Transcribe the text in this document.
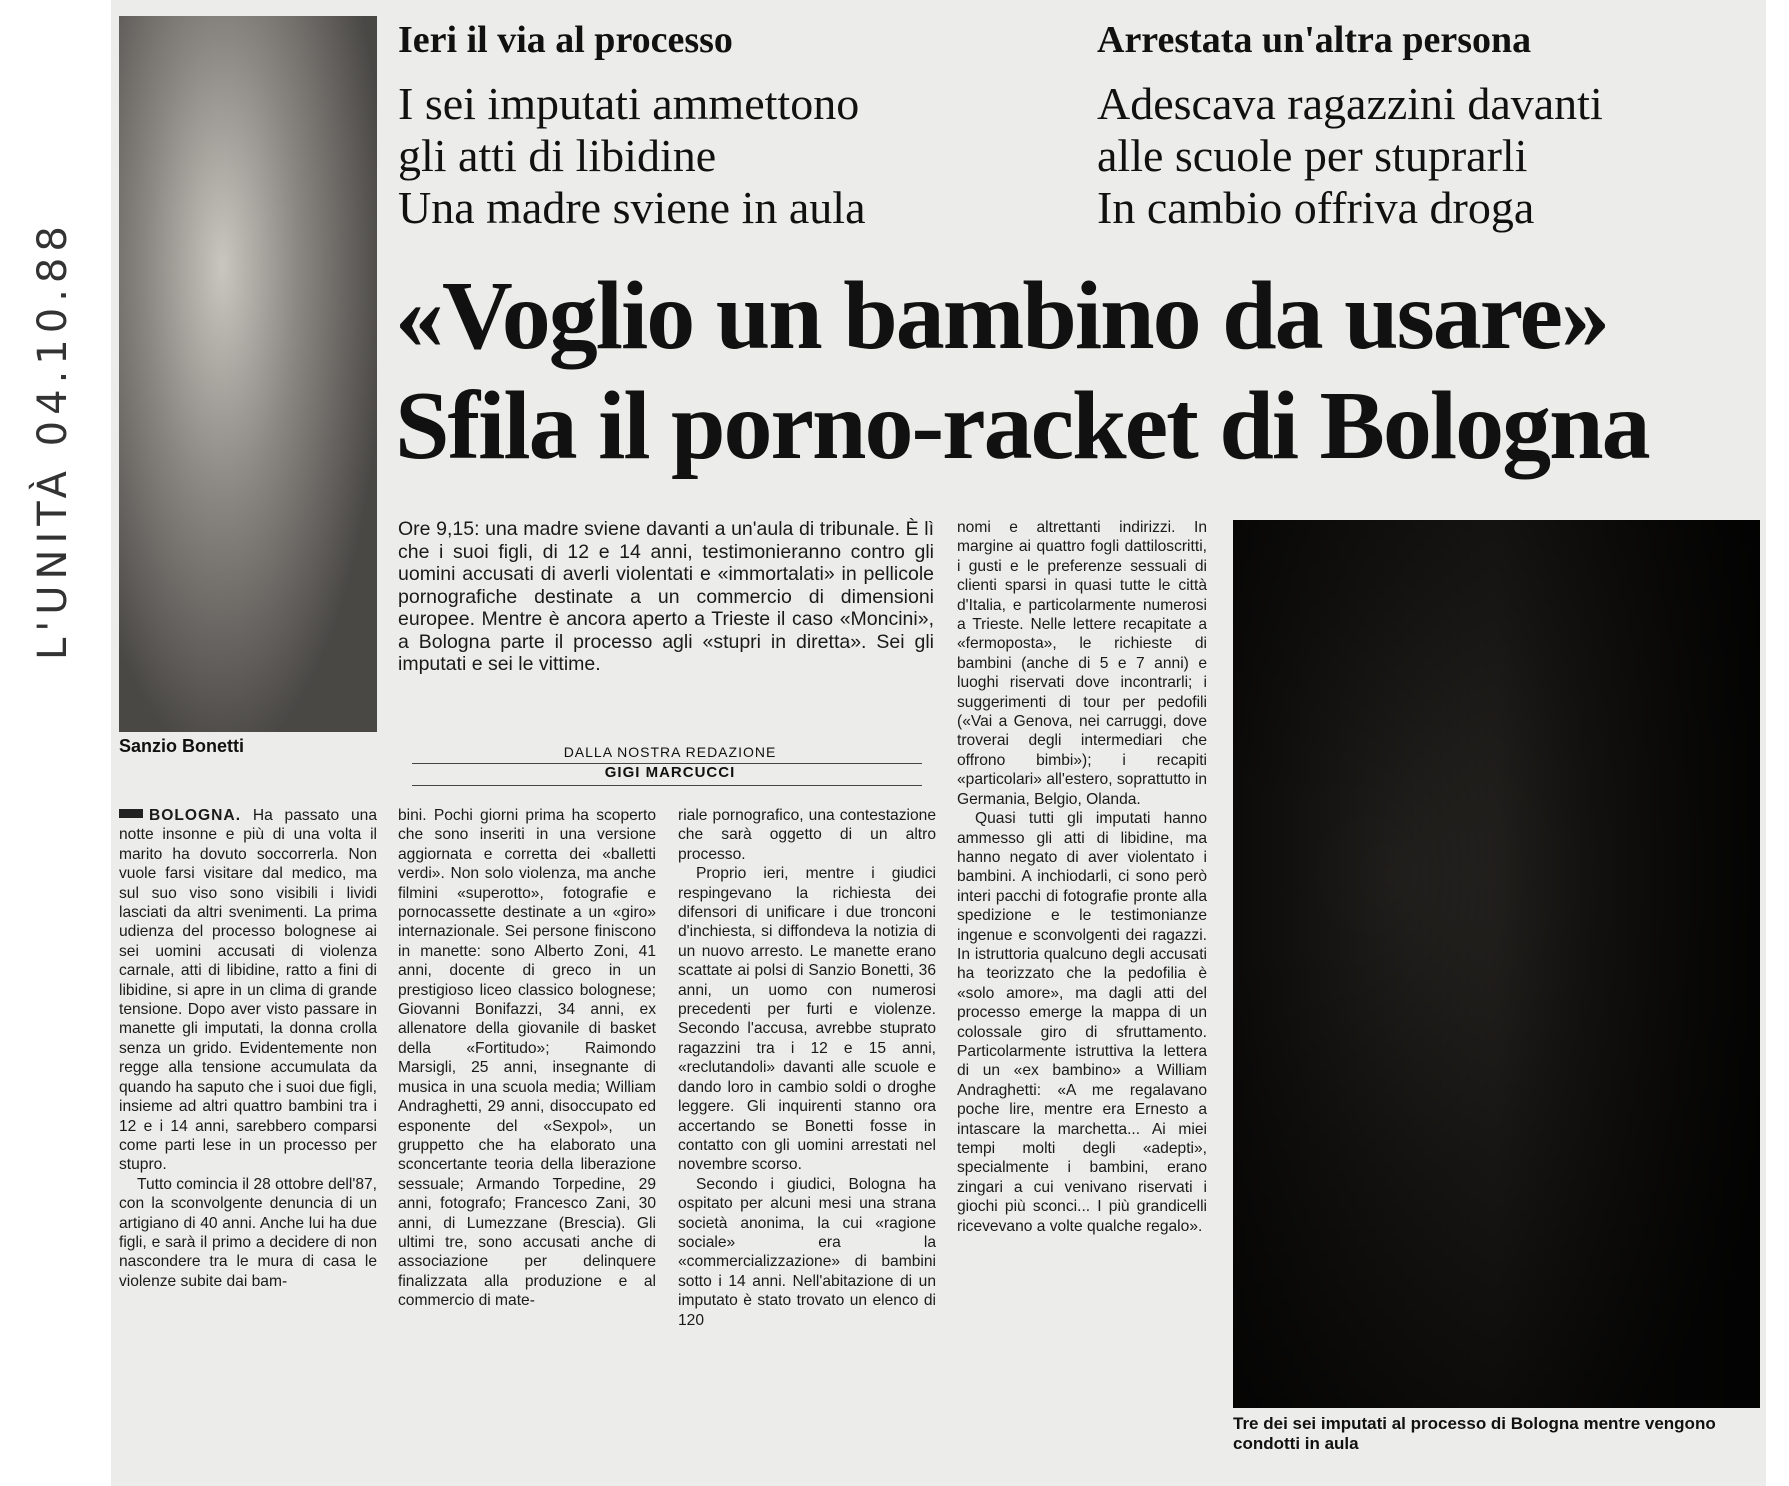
L'UNITÀ 04.10.88
Sanzio Bonetti
Ieri il via al processo
I sei imputati ammettono
gli atti di libidine
Una madre sviene in aula
Arrestata un'altra persona
Adescava ragazzini davanti
alle scuole per stuprarli
In cambio offriva droga
«Voglio un bambino da usare»
Sfila il porno-racket di Bologna
Ore 9,15: una madre sviene davanti a un'aula di tribunale. È lì che i suoi figli, di 12 e 14 anni, testimonieranno contro gli uomini accusati di averli violentati e «immortalati» in pellicole pornografiche destinate a un commercio di dimensioni europee. Mentre è ancora aperto a Trieste il caso «Moncini», a Bologna parte il processo agli «stupri in diretta». Sei gli imputati e sei le vittime.
DALLA NOSTRA REDAZIONE
GIGI MARCUCCI

BOLOGNA. Ha passato una notte insonne e più di una volta il marito ha dovuto soccorrerla. Non vuole farsi visitare dal medico, ma sul suo viso sono visibili i lividi lasciati da altri svenimenti. La prima udienza del processo bolognese ai sei uomini accusati di violenza carnale, atti di libidine, ratto a fini di libidine, si apre in un clima di grande tensione. Dopo aver visto passare in manette gli imputati, la donna crolla senza un grido. Evidentemente non regge alla tensione accumulata da quando ha saputo che i suoi due figli, insieme ad altri quattro bambini tra i 12 e i 14 anni, sarebbero comparsi come parti lese in un processo per stupro.

Tutto comincia il 28 ottobre dell'87, con la sconvolgente denuncia di un artigiano di 40 anni. Anche lui ha due figli, e sarà il primo a decidere di non nascondere tra le mura di casa le violenze subite dai bam-

bini. Pochi giorni prima ha scoperto che sono inseriti in una versione aggiornata e corretta dei «balletti verdi». Non solo violenza, ma anche filmini «superotto», fotografie e pornocassette destinate a un «giro» internazionale. Sei persone finiscono in manette: sono Alberto Zoni, 41 anni, docente di greco in un prestigioso liceo classico bolognese; Giovanni Bonifazzi, 34 anni, ex allenatore della giovanile di basket della «Fortitudo»; Raimondo Marsigli, 25 anni, insegnante di musica in una scuola media; William Andraghetti, 29 anni, disoccupato ed esponente del «Sexpol», un gruppetto che ha elaborato una sconcertante teoria della liberazione sessuale; Armando Torpedine, 29 anni, fotografo; Francesco Zani, 30 anni, di Lumezzane (Brescia). Gli ultimi tre, sono accusati anche di associazione per delinquere finalizzata alla produzione e al commercio di mate-

riale pornografico, una contestazione che sarà oggetto di un altro processo.

Proprio ieri, mentre i giudici respingevano la richiesta dei difensori di unificare i due tronconi d'inchiesta, si diffondeva la notizia di un nuovo arresto. Le manette erano scattate ai polsi di Sanzio Bonetti, 36 anni, un uomo con numerosi precedenti per furti e violenze. Secondo l'accusa, avrebbe stuprato ragazzini tra i 12 e 15 anni, «reclutandoli» davanti alle scuole e dando loro in cambio soldi o droghe leggere. Gli inquirenti stanno ora accertando se Bonetti fosse in contatto con gli uomini arrestati nel novembre scorso.

Secondo i giudici, Bologna ha ospitato per alcuni mesi una strana società anonima, la cui «ragione sociale» era la «commercializzazione» di bambini sotto i 14 anni. Nell'abitazione di un imputato è stato trovato un elenco di 120

nomi e altrettanti indirizzi. In margine ai quattro fogli dattiloscritti, i gusti e le preferenze sessuali di clienti sparsi in quasi tutte le città d'Italia, e particolarmente numerosi a Trieste. Nelle lettere recapitate a «fermoposta», le richieste di bambini (anche di 5 e 7 anni) e luoghi riservati dove incontrarli; i suggerimenti di tour per pedofili («Vai a Genova, nei carruggi, dove troverai degli intermediari che offrono bimbi»); i recapiti «particolari» all'estero, soprattutto in Germania, Belgio, Olanda.

Quasi tutti gli imputati hanno ammesso gli atti di libidine, ma hanno negato di aver violentato i bambini. A inchiodarli, ci sono però interi pacchi di fotografie pronte alla spedizione e le testimonianze ingenue e sconvolgenti dei ragazzi. In istruttoria qualcuno degli accusati ha teorizzato che la pedofilia è «solo amore», ma dagli atti del processo emerge la mappa di un colossale giro di sfruttamento. Particolarmente istruttiva la lettera di un «ex bambino» a William Andraghetti: «A me regalavano poche lire, mentre era Ernesto a intascare la marchetta... Ai miei tempi molti degli «adepti», specialmente i bambini, erano zingari a cui venivano riservati i giochi più sconci... I più grandicelli ricevevano a volte qualche regalo».

Tre dei sei imputati al processo di Bologna mentre vengono condotti in aula
